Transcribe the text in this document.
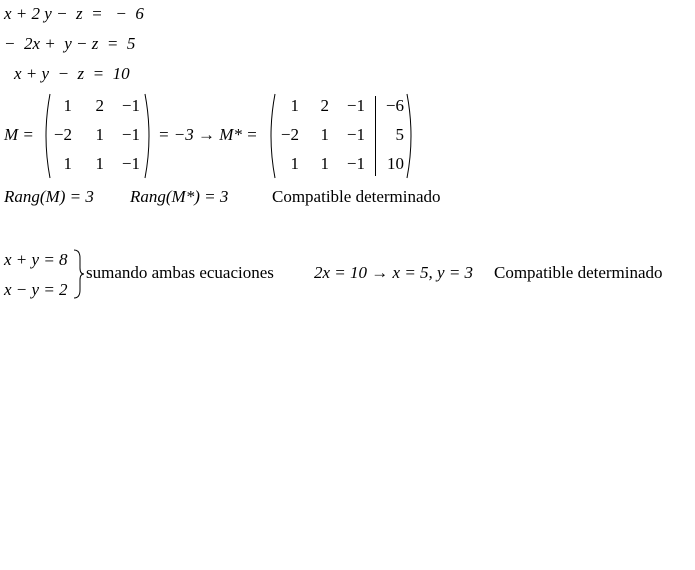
x + 2 y −  z  =   −  6
−  2x +  y − z  =  5
x + y  −  z  =  10
M =
1	2	−1
−2	1	−1
1	1	−1
= −3 → M* =
1	2	−1	−6
−2	1	−1	5
1	1	−1	10
Rang(M) = 3 Rang(M*) = 3	Compatible determinado
x + y = 8
x − y = 2
sumando ambas ecuaciones 2x = 10 → x = 5, y = 3 Compatible determinado
